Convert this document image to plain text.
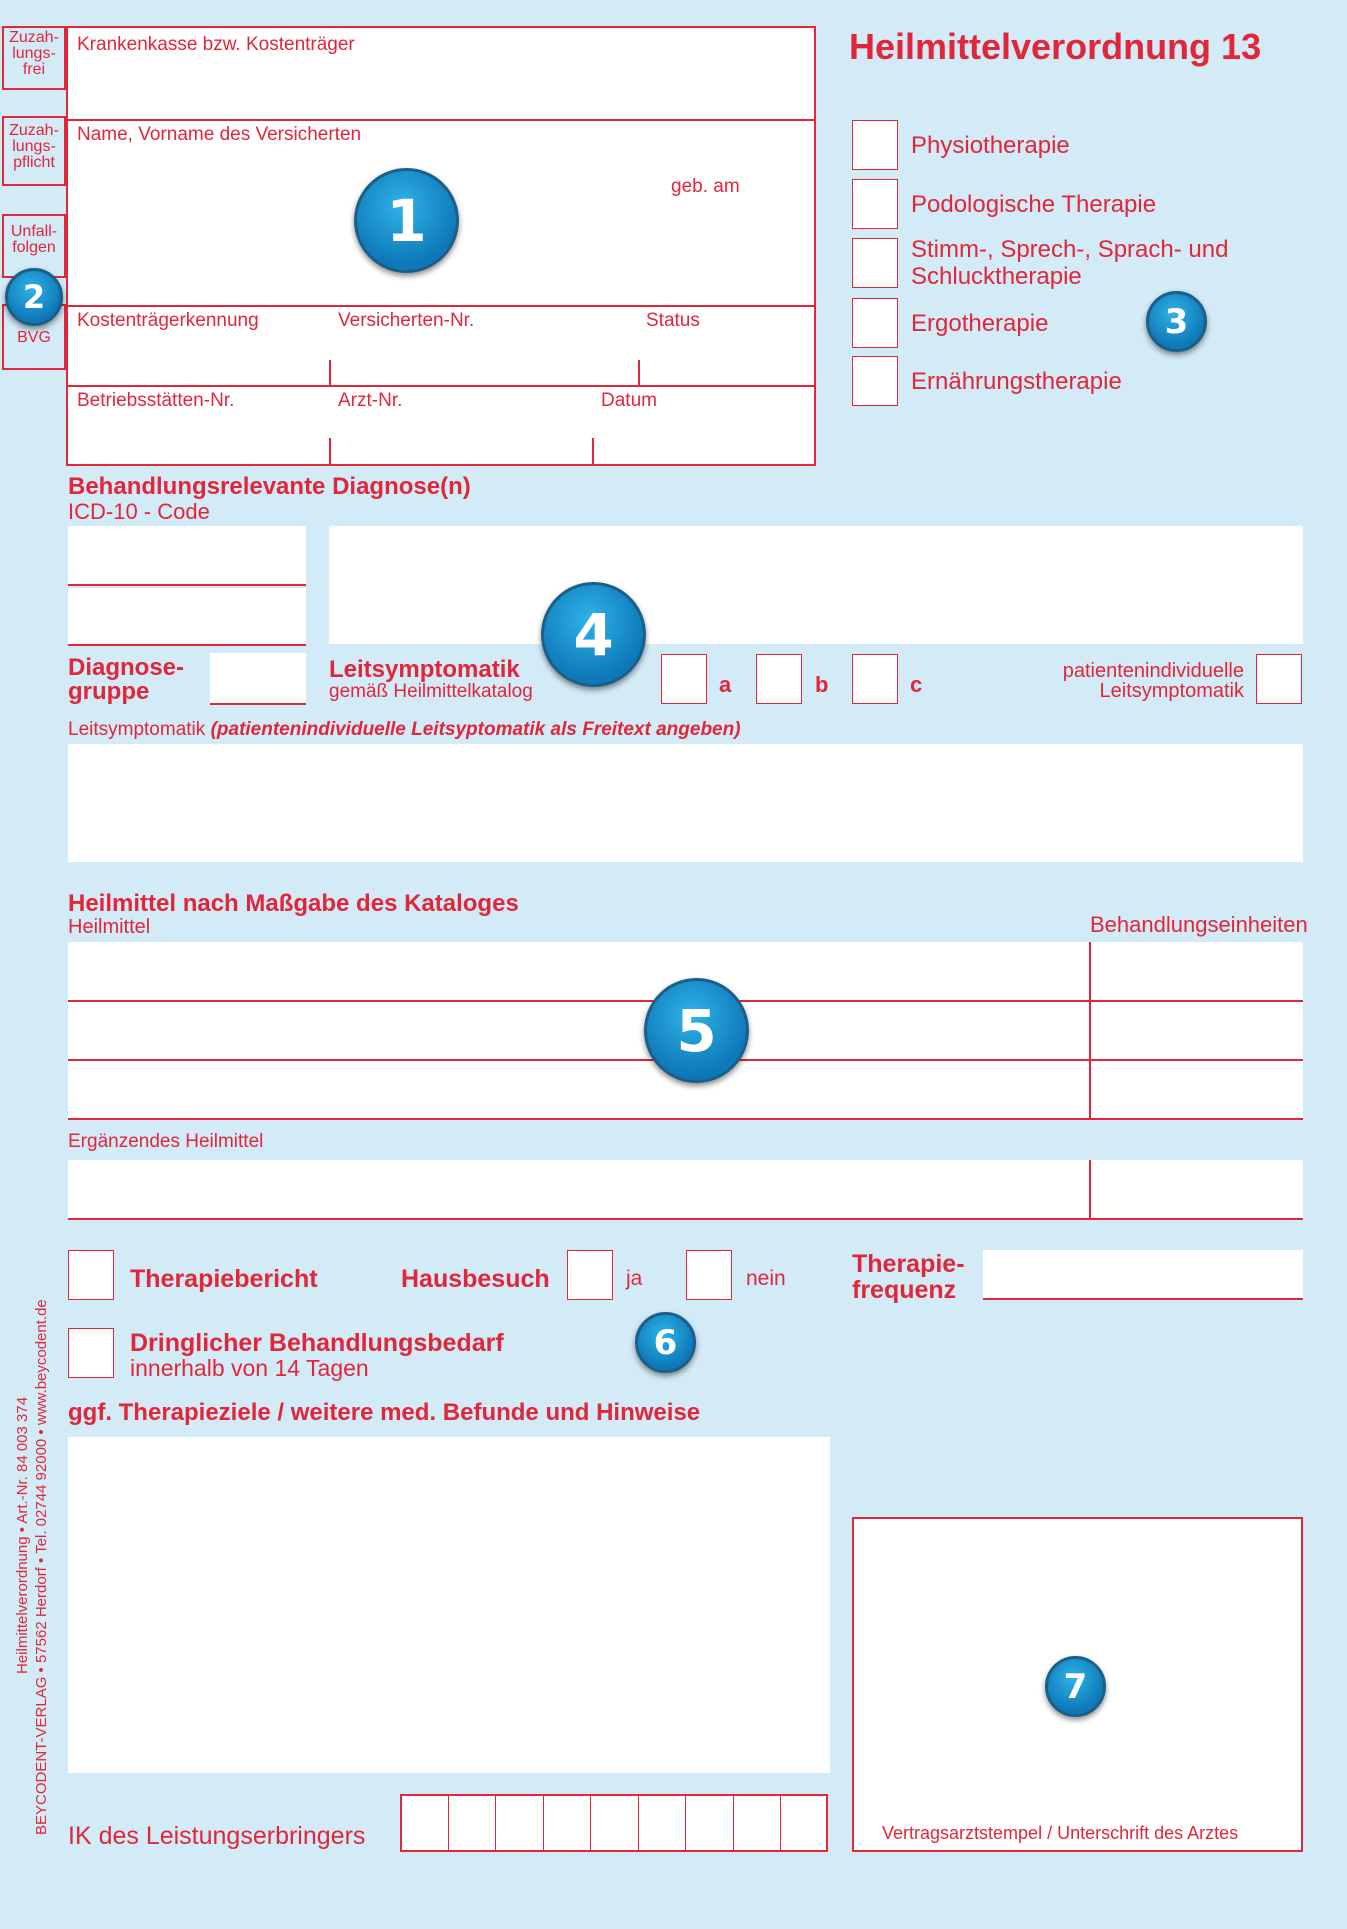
Heilmittelverordnung 13
Zuzah-
lungs-
frei
Zuzah-
lungs-
pflicht
Unfall-
folgen
BVG
Krankenkasse bzw. Kostenträger
Name, Vorname des Versicherten
geb. am
Kostenträgerkennung	Versicherten-Nr.	Status
Betriebsstätten-Nr.	Arzt-Nr.	Datum
Physiotherapie
Podologische Therapie
Stimm-, Sprech-, Sprach- und
Schlucktherapie
Ergotherapie
Ernährungstherapie
Behandlungsrelevante Diagnose(n)
ICD-10 - Code
Diagnose-
gruppe
Leitsymptomatik
gemäß Heilmittelkatalog	a	b	c
patientenindividuelle
Leitsymptomatik
Leitsymptomatik (patientenindividuelle Leitsyptomatik als Freitext angeben)
Heilmittel nach Maßgabe des Kataloges
Heilmittel	Behandlungseinheiten
Ergänzendes Heilmittel
Therapiebericht	Hausbesuch	ja	nein
Therapie-
frequenz
Dringlicher Behandlungsbedarf
innerhalb von 14 Tagen
ggf. Therapieziele / weitere med. Befunde und Hinweise
IK des Leistungserbringers	Vertragsarztstempel / Unterschrift des Arztes
Heilmittelverordnung • Art.-Nr. 84 003 374 BEYCODENT-VERLAG • 57562 Herdorf • Tel. 02744 92000 • www.beycodent.de
1
2
3
4
5
6
7
